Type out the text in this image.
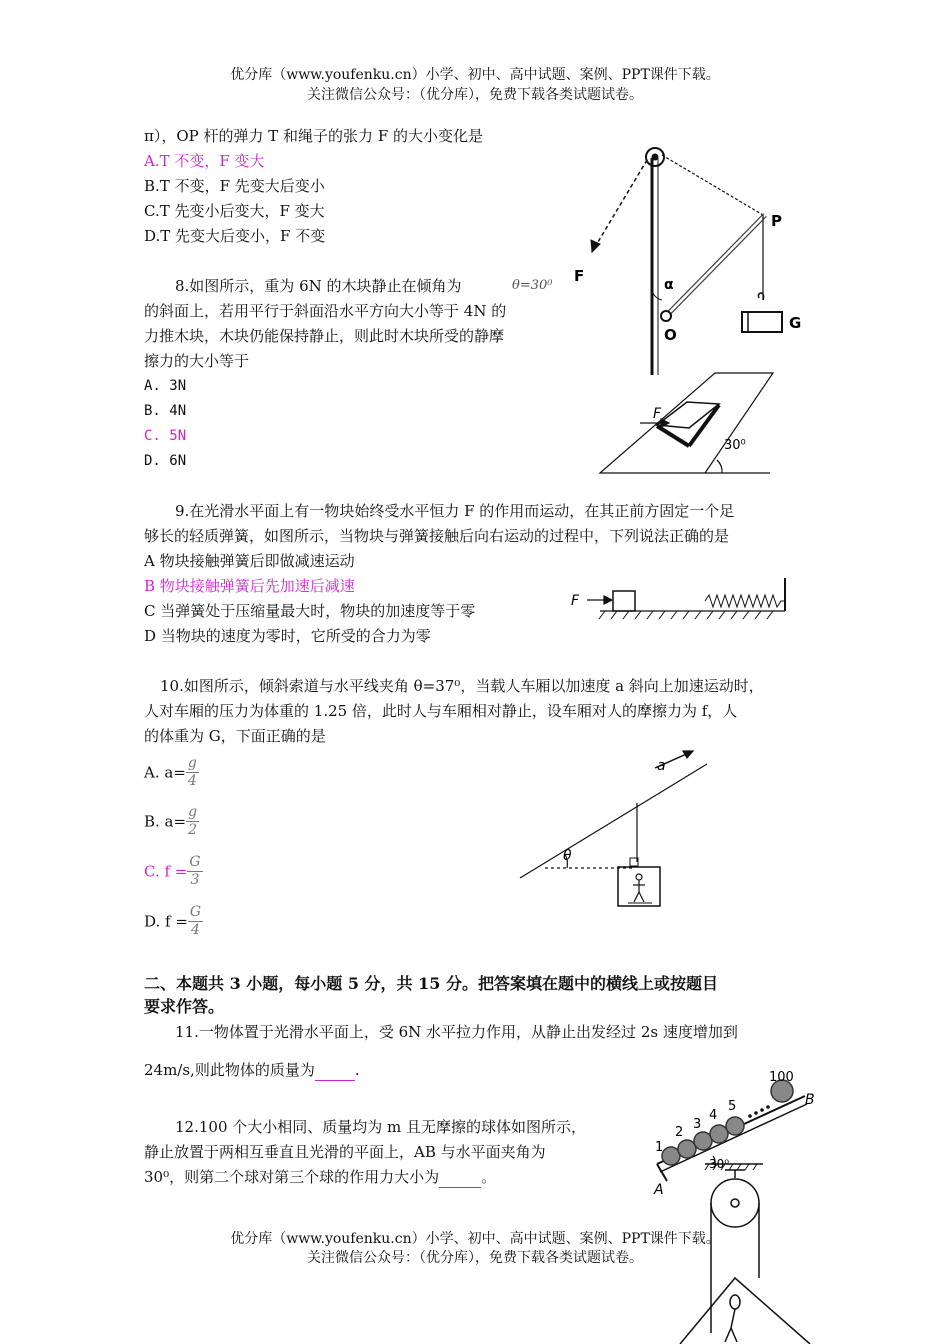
优分库（www.youfenku.cn）小学、初中、高中试题、案例、PPT课件下载。
关注微信公众号：（优分库），免费下载各类试题试卷。
π），OP 杆的弹力 T 和绳子的张力 F 的大小变化是
A.T 不变，F 变大
B.T 不变，F 先变大后变小
C.T 先变小后变大，F 变大
D.T 先变大后变小，F 不变
F
P
G
O
α
8.如图所示，重为 6N 的木块静止在倾角为	θ=30⁰
的斜面上，若用平行于斜面沿水平方向大小等于 4N 的
力推木块，木块仍能保持静止，则此时木块所受的静摩
擦力的大小等于
A. 3N
B. 4N
C. 5N
D. 6N
F
30⁰
9.在光滑水平面上有一物块始终受水平恒力 F 的作用而运动，在其正前方固定一个足
够长的轻质弹簧，如图所示，当物块与弹簧接触后向右运动的过程中，下列说法正确的是
A 物块接触弹簧后即做减速运动
B 物块接触弹簧后先加速后减速
C 当弹簧处于压缩量最大时，物块的加速度等于零
D 当物块的速度为零时，它所受的合力为零
F
10.如图所示，倾斜索道与水平线夹角 θ=37⁰，当载人车厢以加速度 a 斜向上加速运动时，
人对车厢的压力为体重的 1.25 倍，此时人与车厢相对静止，设车厢对人的摩擦力为 f，人
的体重为 G，下面正确的是
A. $a= \frac{g}{4}$
B. $a= \frac{g}{2}$
C. $f = \frac{G}{3}$
D. $f = \frac{G}{4}$
a
θ
二、本题共 3 小题，每小题 5 分，共 15 分。把答案填在题中的横线上或按题目
要求作答。
11.一物体置于光滑水平面上，受 6N 水平拉力作用，从静止出发经过 2s 速度增加到
24m/s,则此物体的质量为	.
12.100 个大小相同、质量均为 m 且无摩擦的球体如图所示，
静止放置于两相互垂直且光滑的平面上，AB 与水平面夹角为
30⁰，则第二个球对第三个球的作用力大小为	。
1
2
3
4
5
100
A
B
30⁰
优分库（www.youfenku.cn）小学、初中、高中试题、案例、PPT课件下载。
关注微信公众号：（优分库），免费下载各类试题试卷。
